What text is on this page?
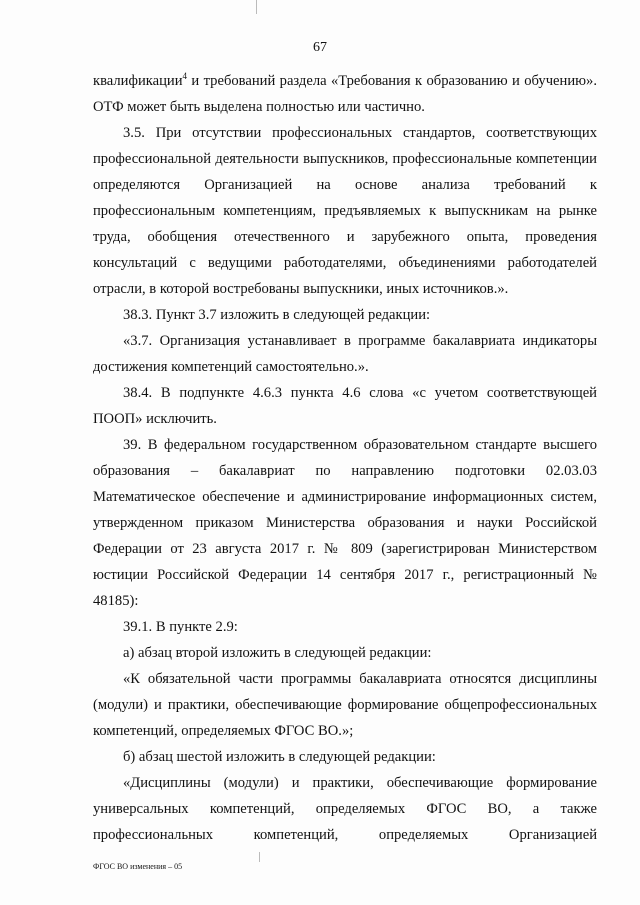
67

квалификации$^4$ и требований раздела «Требования к образованию и обучению». ОТФ может быть выделена полностью или частично.

3.5. При отсутствии профессиональных стандартов, соответствующих профессиональной деятельности выпускников, профессиональные компетенции определяются Организацией на основе анализа требований к профессиональным компетенциям, предъявляемых к выпускникам на рынке труда, обобщения отечественного и зарубежного опыта, проведения консультаций с ведущими работодателями, объединениями работодателей отрасли, в которой востребованы выпускники, иных источников.».

38.3. Пункт 3.7 изложить в следующей редакции:

«3.7. Организация устанавливает в программе бакалавриата индикаторы достижения компетенций самостоятельно.».

38.4. В подпункте 4.6.3 пункта 4.6 слова «с учетом соответствующей ПООП» исключить.

39. В федеральном государственном образовательном стандарте высшего образования – бакалавриат по направлению подготовки 02.03.03 Математическое обеспечение и администрирование информационных систем, утвержденном приказом Министерства образования и науки Российской Федерации от 23 августа 2017 г. № 809 (зарегистрирован Министерством юстиции Российской Федерации 14 сентября 2017 г., регистрационный № 48185):

39.1. В пункте 2.9:

а) абзац второй изложить в следующей редакции:

«К обязательной части программы бакалавриата относятся дисциплины (модули) и практики, обеспечивающие формирование общепрофессиональных компетенций, определяемых ФГОС ВО.»;

б) абзац шестой изложить в следующей редакции:

«Дисциплины (модули) и практики, обеспечивающие формирование универсальных компетенций, определяемых ФГОС ВО, а также профессиональных компетенций, определяемых Организацией

ФГОС ВО изменения – 05
